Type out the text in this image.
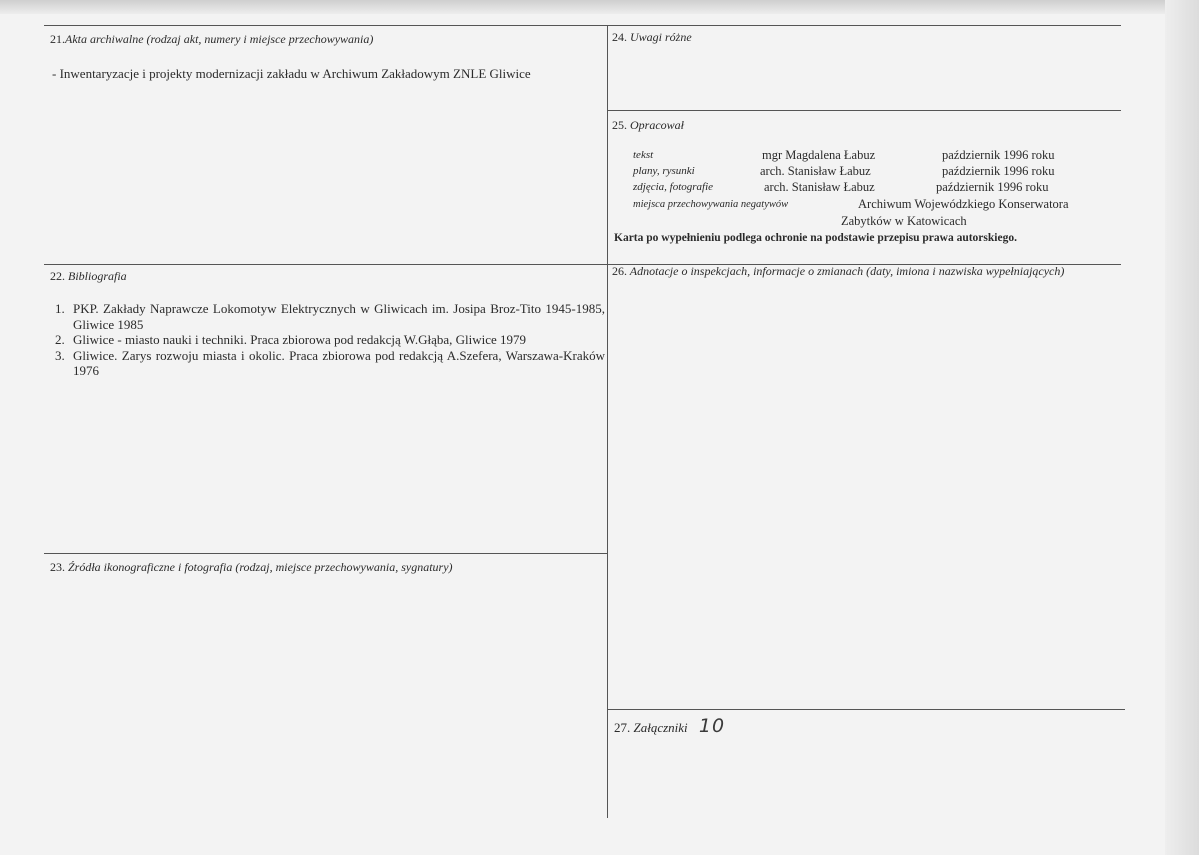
21.Akta archiwalne (rodzaj akt, numery i miejsce przechowywania)
- Inwentaryzacje i projekty modernizacji zakładu w Archiwum Zakładowym ZNLE Gliwice
24. Uwagi różne
25. Opracował
tekst	mgr Magdalena Łabuz	październik 1996 roku
plany, rysunki	arch. Stanisław Łabuz	październik 1996 roku
zdjęcia, fotografie	arch. Stanisław Łabuz	październik 1996 roku
miejsca przechowywania negatywów	Archiwum Wojewódzkiego Konserwatora
Zabytków w Katowicach
Karta po wypełnieniu podlega ochronie na podstawie przepisu prawa autorskiego.
22. Bibliografia
1. PKP. Zakłady Naprawcze Lokomotyw Elektrycznych w Gliwicach im. Josipa Broz-Tito 1945-1985, Gliwice 1985
2. Gliwice - miasto nauki i techniki. Praca zbiorowa pod redakcją W.Głąba, Gliwice 1979
3. Gliwice. Zarys rozwoju miasta i okolic. Praca zbiorowa pod redakcją A.Szefera, Warszawa-Kraków 1976
26. Adnotacje o inspekcjach, informacje o zmianach (daty, imiona i nazwiska wypełniających)
23. Źródła ikonograficzne i fotografia (rodzaj, miejsce przechowywania, sygnatury)
27. Załączniki 10
